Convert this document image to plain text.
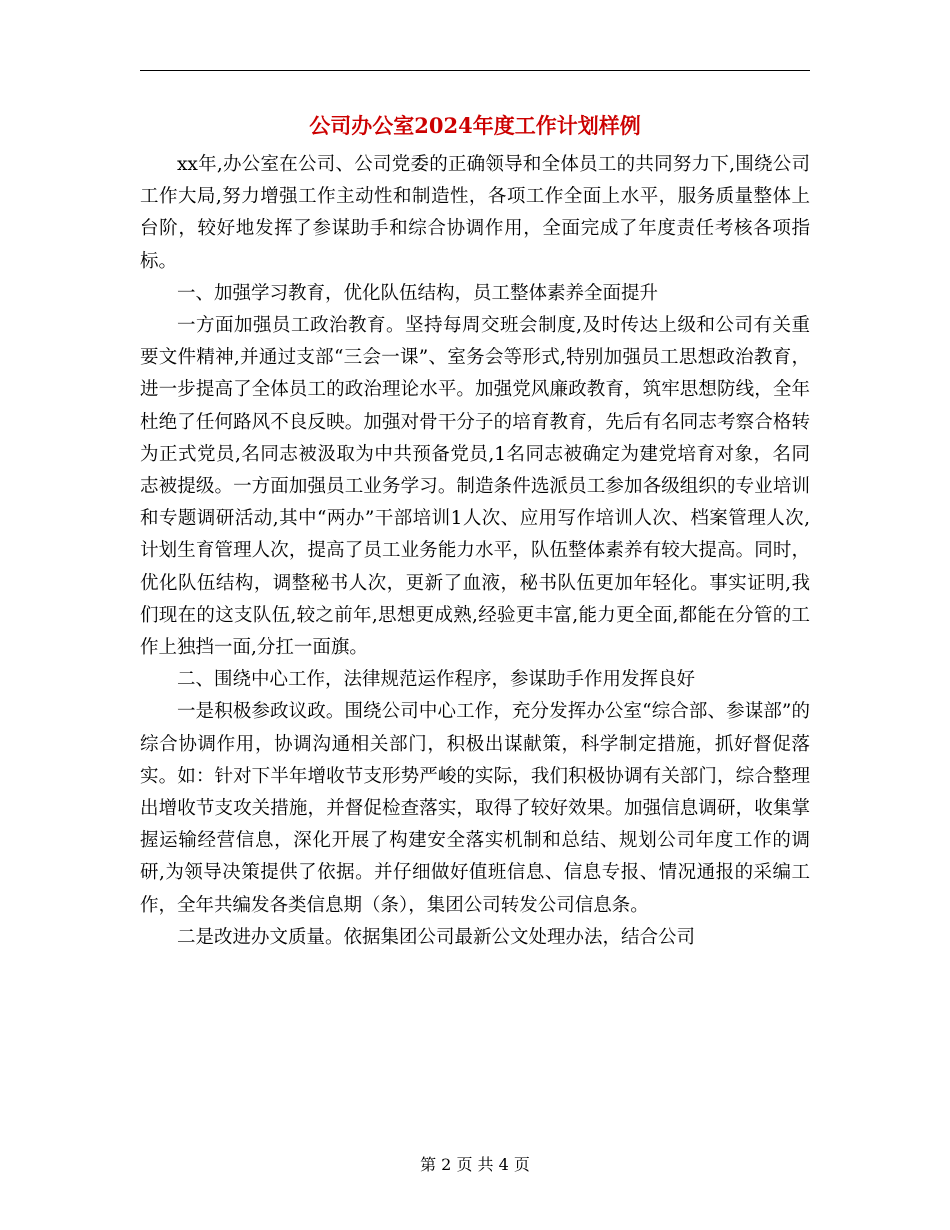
公司办公室2024年度工作计划样例

xx年,办公室在公司、公司党委的正确领导和全体员工的共同努力下,围绕公司工作大局,努力增强工作主动性和制造性，各项工作全面上水平，服务质量整体上台阶，较好地发挥了参谋助手和综合协调作用，全面完成了年度责任考核各项指标。

一、加强学习教育，优化队伍结构，员工整体素养全面提升

一方面加强员工政治教育。坚持每周交班会制度,及时传达上级和公司有关重要文件精神,并通过支部“三会一课”、室务会等形式,特别加强员工思想政治教育，进一步提高了全体员工的政治理论水平。加强党风廉政教育，筑牢思想防线，全年杜绝了任何路风不良反映。加强对骨干分子的培育教育，先后有名同志考察合格转为正式党员,名同志被汲取为中共预备党员,1名同志被确定为建党培育对象，名同志被提级。一方面加强员工业务学习。制造条件选派员工参加各级组织的专业培训和专题调研活动,其中“两办”干部培训1人次、应用写作培训人次、档案管理人次,计划生育管理人次，提高了员工业务能力水平，队伍整体素养有较大提高。同时，优化队伍结构，调整秘书人次，更新了血液，秘书队伍更加年轻化。事实证明,我们现在的这支队伍,较之前年,思想更成熟,经验更丰富,能力更全面,都能在分管的工作上独挡一面,分扛一面旗。

二、围绕中心工作，法律规范运作程序，参谋助手作用发挥良好

一是积极参政议政。围绕公司中心工作，充分发挥办公室“综合部、参谋部”的综合协调作用，协调沟通相关部门，积极出谋献策，科学制定措施，抓好督促落实。如：针对下半年增收节支形势严峻的实际，我们积极协调有关部门，综合整理出增收节支攻关措施，并督促检查落实，取得了较好效果。加强信息调研，收集掌握运输经营信息，深化开展了构建安全落实机制和总结、规划公司年度工作的调研,为领导决策提供了依据。并仔细做好值班信息、信息专报、情况通报的采编工作，全年共编发各类信息期（条），集团公司转发公司信息条。

二是改进办文质量。依据集团公司最新公文处理办法，结合公司

第 2 页 共 4 页
